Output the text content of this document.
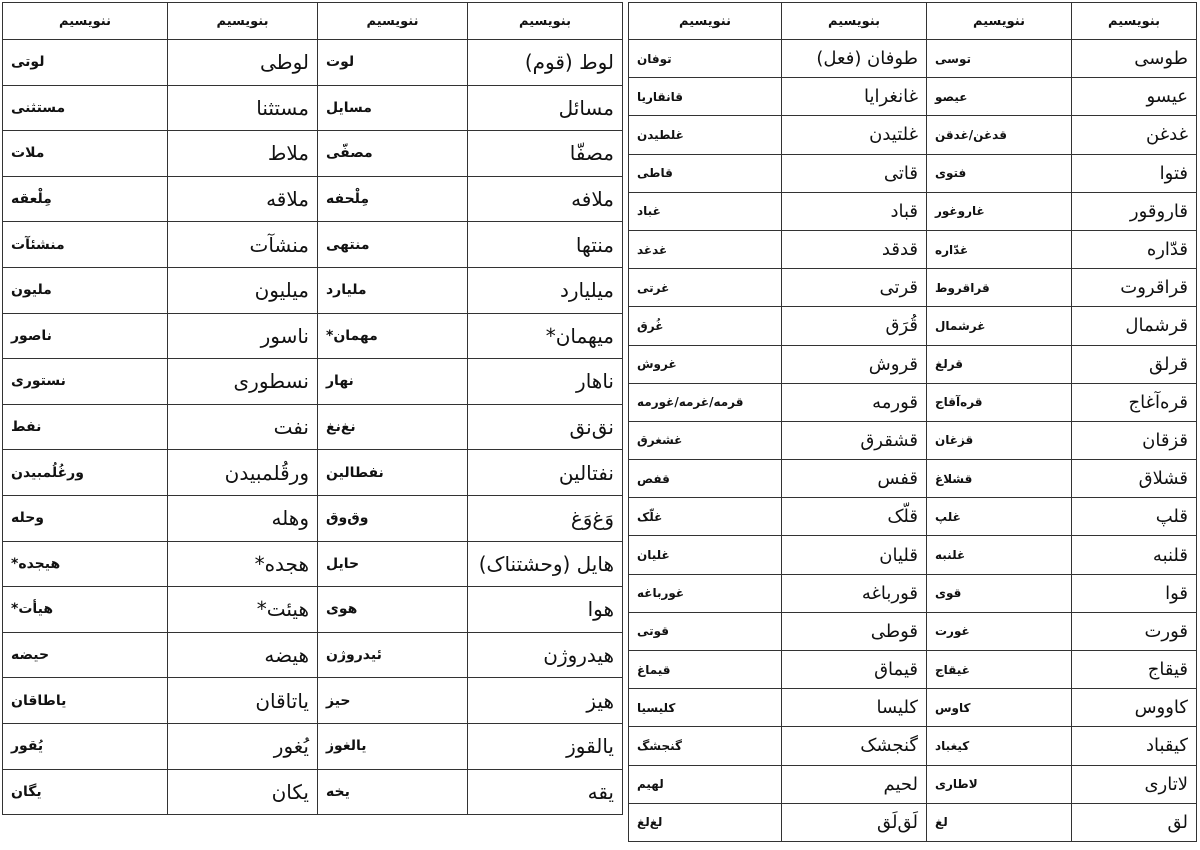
بنویسیم	ننویسیم	بنویسیم	ننویسیم
لوط (قوم)	لوت	لوطی	لوتی
مسائل	مسایل	مستثنا	مستثنی
مصفّا	مصفّی	ملاط	ملات
ملافه	مِلْحفه	ملاقه	مِلْعقه
منتها	منتهی	منشآت	منشئآت
میلیارد	ملیارد	میلیون	ملیون
میهمان*	مهمان*	ناسور	ناصور
ناهار	نهار	نسطوری	نستوری
نق‌نق	نغ‌نغ	نفت	نفط
نفتالین	نفطالین	ورقُلمبیدن	ورغُلُمبیدن
وَغ‌وَغ	وق‌وق	وهله	وحله
هایل (وحشتناک)	حایل	هجده*	هیجده*
هوا	هوی	هیئت*	هیأت*
هیدروژن	ئیدروژن	هیضه	حیضه
هیز	حیز	یاتاقان	یاطاقان
یالقوز	یالغوز	یُغور	یُقور
یقه	یخه	یکان	یگان
بنویسیم	ننویسیم	بنویسیم	ننویسیم
طوسی	توسی	طوفان (فعل)	توفان
عیسو	عیصو	غانغرایا	قانقاریا
غدغن	قدغن/غدقن	غلتیدن	غلطیدن
فتوا	فتوی	قاتی	قاطی
قاروقور	غاروغور	قباد	غباد
قدّاره	غدّاره	قدقد	غدغد
قراقروت	قراقروط	قرتی	غرتی
قرشمال	غرشمال	قُرَق	غُرق
قرلق	قرلغ	قروش	غروش
قره‌آغاج	قره‌آقاج	قورمه	قرمه/غرمه/غورمه
قزقان	قزغان	قشقرق	غشغرق
قشلاق	قشلاغ	قفس	قفص
قلپ	غلپ	قلّک	غلّک
قلنبه	غلنبه	قلیان	غلیان
قوا	قوی	قورباغه	غورباغه
قورت	غورت	قوطی	قوتی
قیقاج	غیقاج	قیماق	قیماغ
کاووس	کاوس	کلیسا	کلیسیا
کیقباد	کیغباد	گنجشک	گنجشگ
لاتاری	لاطاری	لحیم	لهیم
لق	لغ	لَق‌لَق	لغ‌لغ
